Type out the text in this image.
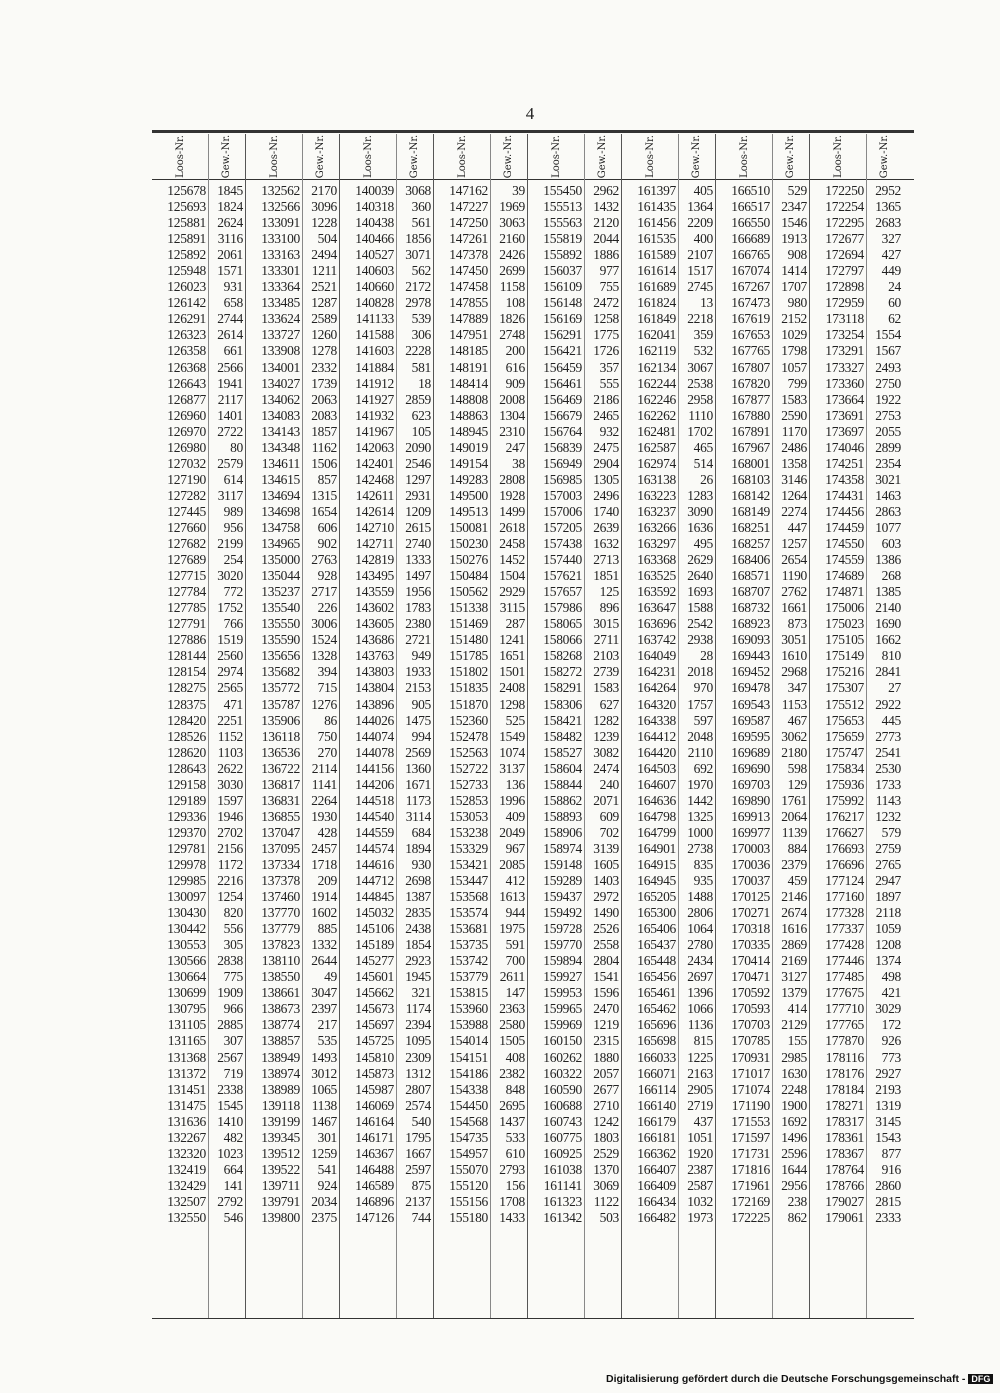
4
Loos-Nr.
125678
125693
125881
125891
125892
125948
126023
126142
126291
126323
126358
126368
126643
126877
126960
126970
126980
127032
127190
127282
127445
127660
127682
127689
127715
127784
127785
127791
127886
128144
128154
128275
128375
128420
128526
128620
128643
129158
129189
129336
129370
129781
129978
129985
130097
130430
130442
130553
130566
130664
130699
130795
131105
131165
131368
131372
131451
131475
131636
132267
132320
132419
132429
132507
132550
Gew.-Nr.
1845
1824
2624
3116
2061
1571
931
658
2744
2614
661
2566
1941
2117
1401
2722
80
2579
614
3117
989
956
2199
254
3020
772
1752
766
1519
2560
2974
2565
471
2251
1152
1103
2622
3030
1597
1946
2702
2156
1172
2216
1254
820
556
305
2838
775
1909
966
2885
307
2567
719
2338
1545
1410
482
1023
664
141
2792
546
Loos-Nr.
132562
132566
133091
133100
133163
133301
133364
133485
133624
133727
133908
134001
134027
134062
134083
134143
134348
134611
134615
134694
134698
134758
134965
135000
135044
135237
135540
135550
135590
135656
135682
135772
135787
135906
136118
136536
136722
136817
136831
136855
137047
137095
137334
137378
137460
137770
137779
137823
138110
138550
138661
138673
138774
138857
138949
138974
138989
139118
139199
139345
139512
139522
139711
139791
139800
Gew.-Nr.
2170
3096
1228
504
2494
1211
2521
1287
2589
1260
1278
2332
1739
2063
2083
1857
1162
1506
857
1315
1654
606
902
2763
928
2717
226
3006
1524
1328
394
715
1276
86
750
270
2114
1141
2264
1930
428
2457
1718
209
1914
1602
885
1332
2644
49
3047
2397
217
535
1493
3012
1065
1138
1467
301
1259
541
924
2034
2375
Loos-Nr.
140039
140318
140438
140466
140527
140603
140660
140828
141133
141588
141603
141884
141912
141927
141932
141967
142063
142401
142468
142611
142614
142710
142711
142819
143495
143559
143602
143605
143686
143763
143803
143804
143896
144026
144074
144078
144156
144206
144518
144540
144559
144574
144616
144712
144845
145032
145106
145189
145277
145601
145662
145673
145697
145725
145810
145873
145987
146069
146164
146171
146367
146488
146589
146896
147126
Gew.-Nr.
3068
360
561
1856
3071
562
2172
2978
539
306
2228
581
18
2859
623
105
2090
2546
1297
2931
1209
2615
2740
1333
1497
1956
1783
2380
2721
949
1933
2153
905
1475
994
2569
1360
1671
1173
3114
684
1894
930
2698
1387
2835
2438
1854
2923
1945
321
1174
2394
1095
2309
1312
2807
2574
540
1795
1667
2597
875
2137
744
Loos-Nr.
147162
147227
147250
147261
147378
147450
147458
147855
147889
147951
148185
148191
148414
148808
148863
148945
149019
149154
149283
149500
149513
150081
150230
150276
150484
150562
151338
151469
151480
151785
151802
151835
151870
152360
152478
152563
152722
152733
152853
153053
153238
153329
153421
153447
153568
153574
153681
153735
153742
153779
153815
153960
153988
154014
154151
154186
154338
154450
154568
154735
154957
155070
155120
155156
155180
Gew.-Nr.
39
1969
3063
2160
2426
2699
1158
108
1826
2748
200
616
909
2008
1304
2310
247
38
2808
1928
1499
2618
2458
1452
1504
2929
3115
287
1241
1651
1501
2408
1298
525
1549
1074
3137
136
1996
409
2049
967
2085
412
1613
944
1975
591
700
2611
147
2363
2580
1505
408
2382
848
2695
1437
533
610
2793
156
1708
1433
Loos-Nr.
155450
155513
155563
155819
155892
156037
156109
156148
156169
156291
156421
156459
156461
156469
156679
156764
156839
156949
156985
157003
157006
157205
157438
157440
157621
157657
157986
158065
158066
158268
158272
158291
158306
158421
158482
158527
158604
158844
158862
158893
158906
158974
159148
159289
159437
159492
159728
159770
159894
159927
159953
159965
159969
160150
160262
160322
160590
160688
160743
160775
160925
161038
161141
161323
161342
Gew.-Nr.
2962
1432
2120
2044
1886
977
755
2472
1258
1775
1726
357
555
2186
2465
932
2475
2904
1305
2496
1740
2639
1632
2713
1851
125
896
3015
2711
2103
2739
1583
627
1282
1239
3082
2474
240
2071
609
702
3139
1605
1403
2972
1490
2526
2558
2804
1541
1596
2470
1219
2315
1880
2057
2677
2710
1242
1803
2529
1370
3069
1122
503
Loos-Nr.
161397
161435
161456
161535
161589
161614
161689
161824
161849
162041
162119
162134
162244
162246
162262
162481
162587
162974
163138
163223
163237
163266
163297
163368
163525
163592
163647
163696
163742
164049
164231
164264
164320
164338
164412
164420
164503
164607
164636
164798
164799
164901
164915
164945
165205
165300
165406
165437
165448
165456
165461
165462
165696
165698
166033
166071
166114
166140
166179
166181
166362
166407
166409
166434
166482
Gew.-Nr.
405
1364
2209
400
2107
1517
2745
13
2218
359
532
3067
2538
2958
1110
1702
465
514
26
1283
3090
1636
495
2629
2640
1693
1588
2542
2938
28
2018
970
1757
597
2048
2110
692
1970
1442
1325
1000
2738
835
935
1488
2806
1064
2780
2434
2697
1396
1066
1136
815
1225
2163
2905
2719
437
1051
1920
2387
2587
1032
1973
Loos-Nr.
166510
166517
166550
166689
166765
167074
167267
167473
167619
167653
167765
167807
167820
167877
167880
167891
167967
168001
168103
168142
168149
168251
168257
168406
168571
168707
168732
168923
169093
169443
169452
169478
169543
169587
169595
169689
169690
169703
169890
169913
169977
170003
170036
170037
170125
170271
170318
170335
170414
170471
170592
170593
170703
170785
170931
171017
171074
171190
171553
171597
171731
171816
171961
172169
172225
Gew.-Nr.
529
2347
1546
1913
908
1414
1707
980
2152
1029
1798
1057
799
1583
2590
1170
2486
1358
3146
1264
2274
447
1257
2654
1190
2762
1661
873
3051
1610
2968
347
1153
467
3062
2180
598
129
1761
2064
1139
884
2379
459
2146
2674
1616
2869
2169
3127
1379
414
2129
155
2985
1630
2248
1900
1692
1496
2596
1644
2956
238
862
Loos-Nr.
172250
172254
172295
172677
172694
172797
172898
172959
173118
173254
173291
173327
173360
173664
173691
173697
174046
174251
174358
174431
174456
174459
174550
174559
174689
174871
175006
175023
175105
175149
175216
175307
175512
175653
175659
175747
175834
175936
175992
176217
176627
176693
176696
177124
177160
177328
177337
177428
177446
177485
177675
177710
177765
177870
178116
178176
178184
178271
178317
178361
178367
178764
178766
179027
179061
Gew.-Nr.
2952
1365
2683
327
427
449
24
60
62
1554
1567
2493
2750
1922
2753
2055
2899
2354
3021
1463
2863
1077
603
1386
268
1385
2140
1690
1662
810
2841
27
2922
445
2773
2541
2530
1733
1143
1232
579
2759
2765
2947
1897
2118
1059
1208
1374
498
421
3029
172
926
773
2927
2193
1319
3145
1543
877
916
2860
2815
2333
Digitalisierung gefördert durch die Deutsche Forschungsgemeinschaft - DFG
